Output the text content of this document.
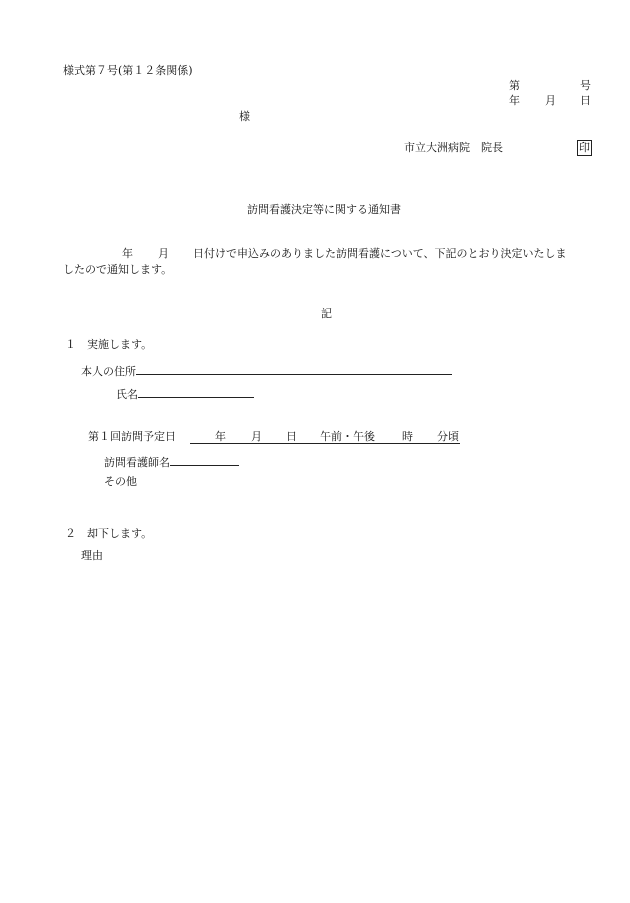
様式第７号(第１２条関係)
第	号
年 月 日
様
市立大洲病院　院長	印
訪問看護決定等に関する通知書
年 月 日付けで申込みのありました訪問看護について、下記のとおり決定いたしま
したので通知します。
記
１　実施します。
本人の住所
氏名
第１回訪問予定日	年 月 日 午前・午後 時 分頃
訪問看護師名
その他
２　却下します。
理由
